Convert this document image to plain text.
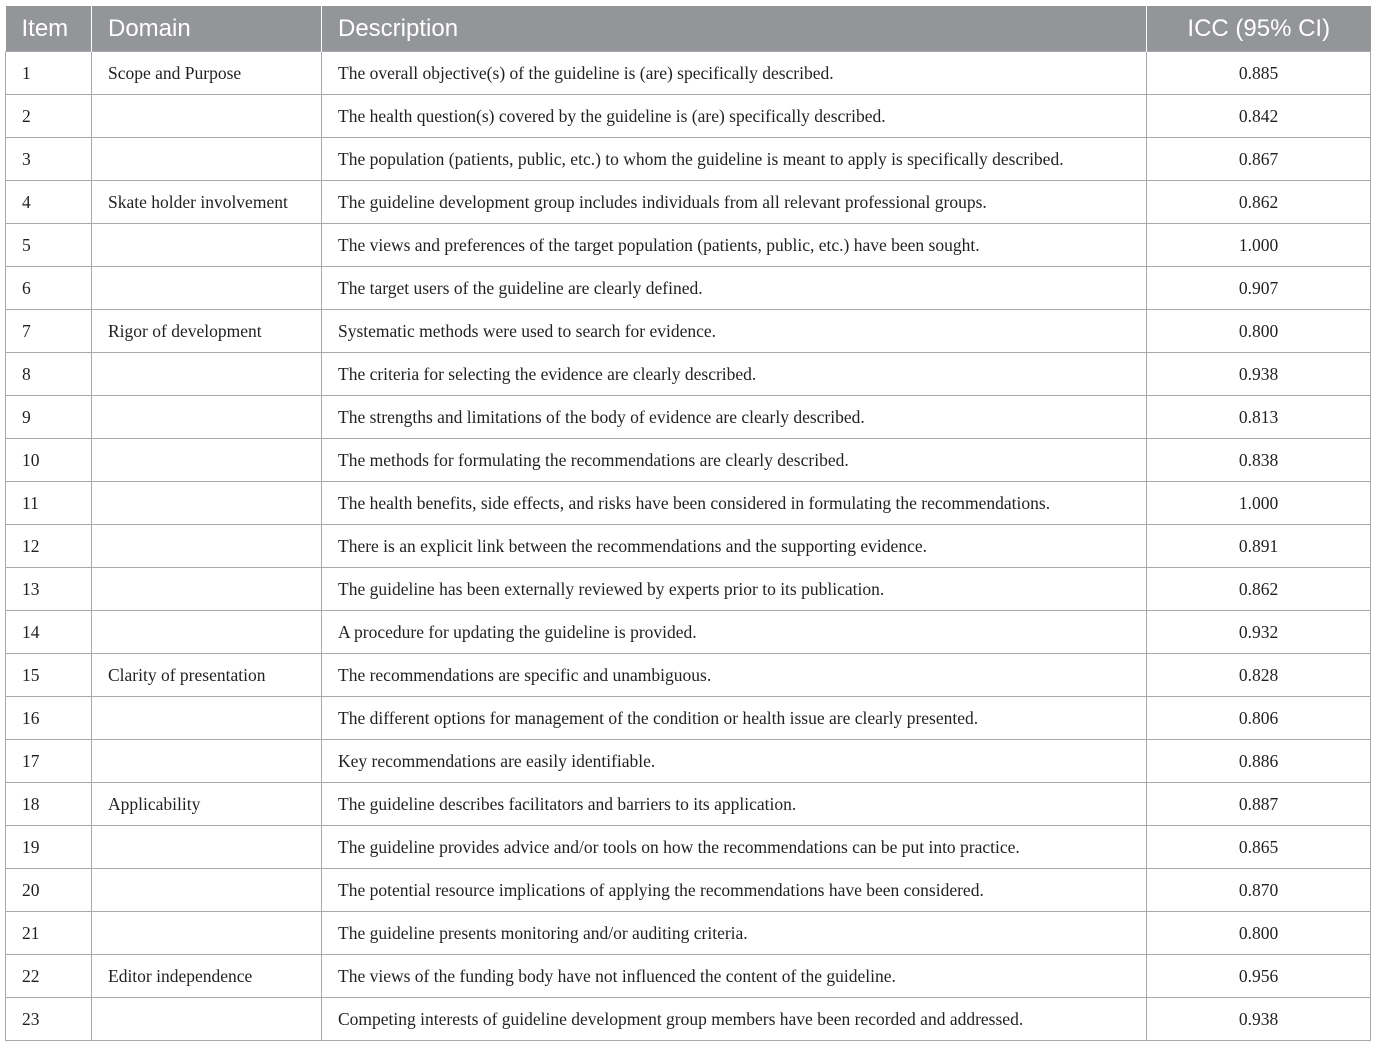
Item	Domain	Description	ICC (95% CI)
1	Scope and Purpose	The overall objective(s) of the guideline is (are) specifically described.	0.885
2		The health question(s) covered by the guideline is (are) specifically described.	0.842
3		The population (patients, public, etc.) to whom the guideline is meant to apply is specifically described.	0.867
4	Skate holder involvement	The guideline development group includes individuals from all relevant professional groups.	0.862
5		The views and preferences of the target population (patients, public, etc.) have been sought.	1.000
6		The target users of the guideline are clearly defined.	0.907
7	Rigor of development	Systematic methods were used to search for evidence.	0.800
8		The criteria for selecting the evidence are clearly described.	0.938
9		The strengths and limitations of the body of evidence are clearly described.	0.813
10		The methods for formulating the recommendations are clearly described.	0.838
11		The health benefits, side effects, and risks have been considered in formulating the recommendations.	1.000
12		There is an explicit link between the recommendations and the supporting evidence.	0.891
13		The guideline has been externally reviewed by experts prior to its publication.	0.862
14		A procedure for updating the guideline is provided.	0.932
15	Clarity of presentation	The recommendations are specific and unambiguous.	0.828
16		The different options for management of the condition or health issue are clearly presented.	0.806
17		Key recommendations are easily identifiable.	0.886
18	Applicability	The guideline describes facilitators and barriers to its application.	0.887
19		The guideline provides advice and/or tools on how the recommendations can be put into practice.	0.865
20		The potential resource implications of applying the recommendations have been considered.	0.870
21		The guideline presents monitoring and/or auditing criteria.	0.800
22	Editor independence	The views of the funding body have not influenced the content of the guideline.	0.956
23		Competing interests of guideline development group members have been recorded and addressed.	0.938
